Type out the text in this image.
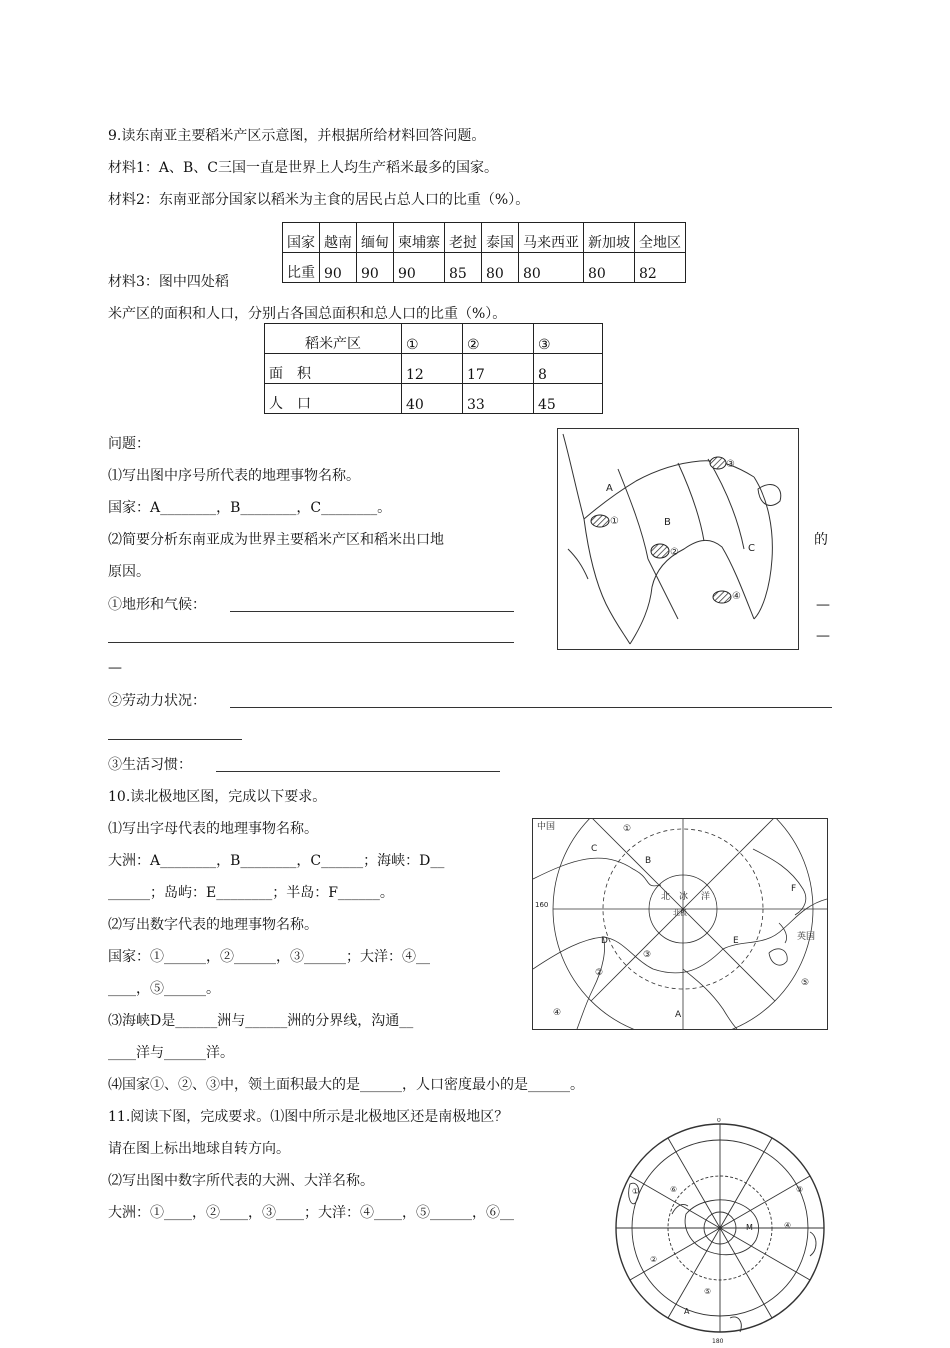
9.读东南亚主要稻米产区示意图，并根据所给材料回答问题。
材料1：A、B、C三国一直是世界上人均生产稻米最多的国家。
材料2：东南亚部分国家以稻米为主食的居民占总人口的比重（%）。
国家	越南	缅甸	柬埔寨	老挝	泰国	马来西亚	新加坡	全地区
比重	90	90	90	85	80	80	80	82
材料3：图中四处稻
米产区的面积和人口，分别占各国总面积和总人口的比重（%）。
稻米产区	①	②	③
面　积	12	17	8
人　口	40	33	45
问题：
⑴写出图中序号所代表的地理事物名称。
国家：A________，B________，C________。
⑵简要分析东南亚成为世界主要稻米产区和稻米出口地	的
原因。
①地形和气候：	—
—
—
②劳动力状况：
③生活习惯：
A
B
C
①
②
③
④
10.读北极地区图，完成以下要求。
⑴写出字母代表的地理事物名称。
大洲：A________，B________，C______；海峡：D__
______；岛屿：E________；半岛：F______。
⑵写出数字代表的地理事物名称。
国家：①______，②______，③______；大洋：④__
____，⑤______。
⑶海峡D是______洲与______洲的分界线，沟通__
____洋与______洋。
⑷国家①、②、③中，领土面积最大的是______，人口密度最小的是______。
中国	①
C
北 冰 洋
北极
B
F
D
②
E
③
④
⑤
A
英国
160
11.阅读下图，完成要求。⑴图中所示是北极地区还是南极地区？
请在图上标出地球自转方向。
⑵写出图中数字所代表的大洲、大洋名称。
大洲：①____，②____，③____；大洋：④____，⑤______，⑥__
0
180
⑥
①
②
③
④
⑤
A
M
